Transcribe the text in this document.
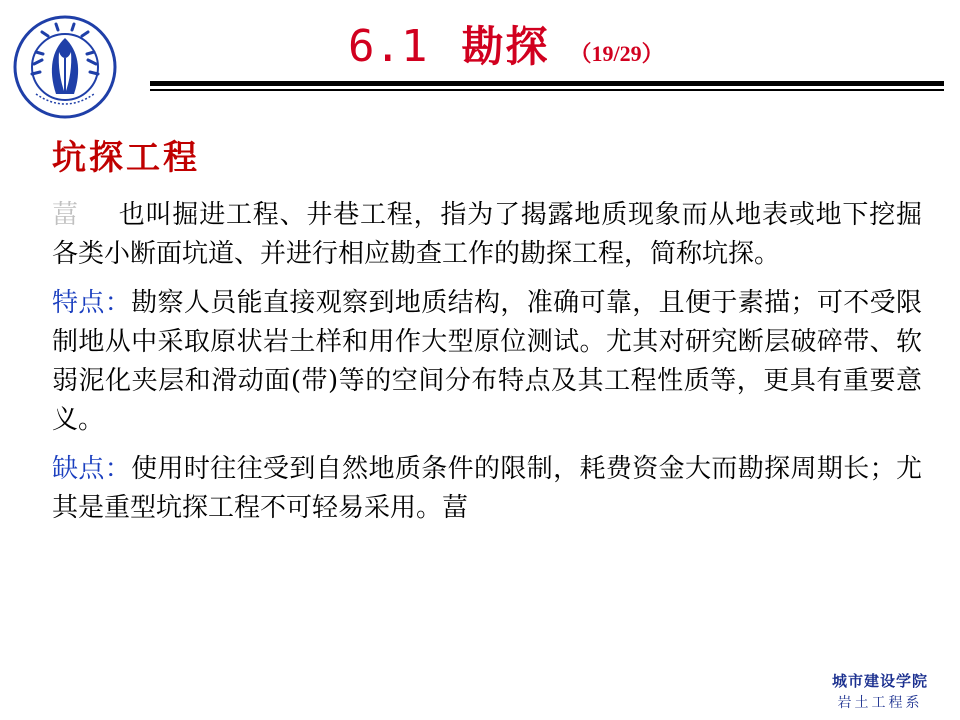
6.1 勘探 （19/29）
坑探工程

葍 也叫掘进工程、井巷工程，指为了揭露地质现象而从地表或地下挖掘各类小断面坑道、并进行相应勘查工作的勘探工程，简称坑探。

特点：勘察人员能直接观察到地质结构，准确可靠，且便于素描；可不受限制地从中采取原状岩土样和用作大型原位测试。尤其对研究断层破碎带、软弱泥化夹层和滑动面(带)等的空间分布特点及其工程性质等，更具有重要意义。

缺点：使用时往往受到自然地质条件的限制，耗费资金大而勘探周期长；尤其是重型坑探工程不可轻易采用。葍

城市建设学院
岩土工程系
